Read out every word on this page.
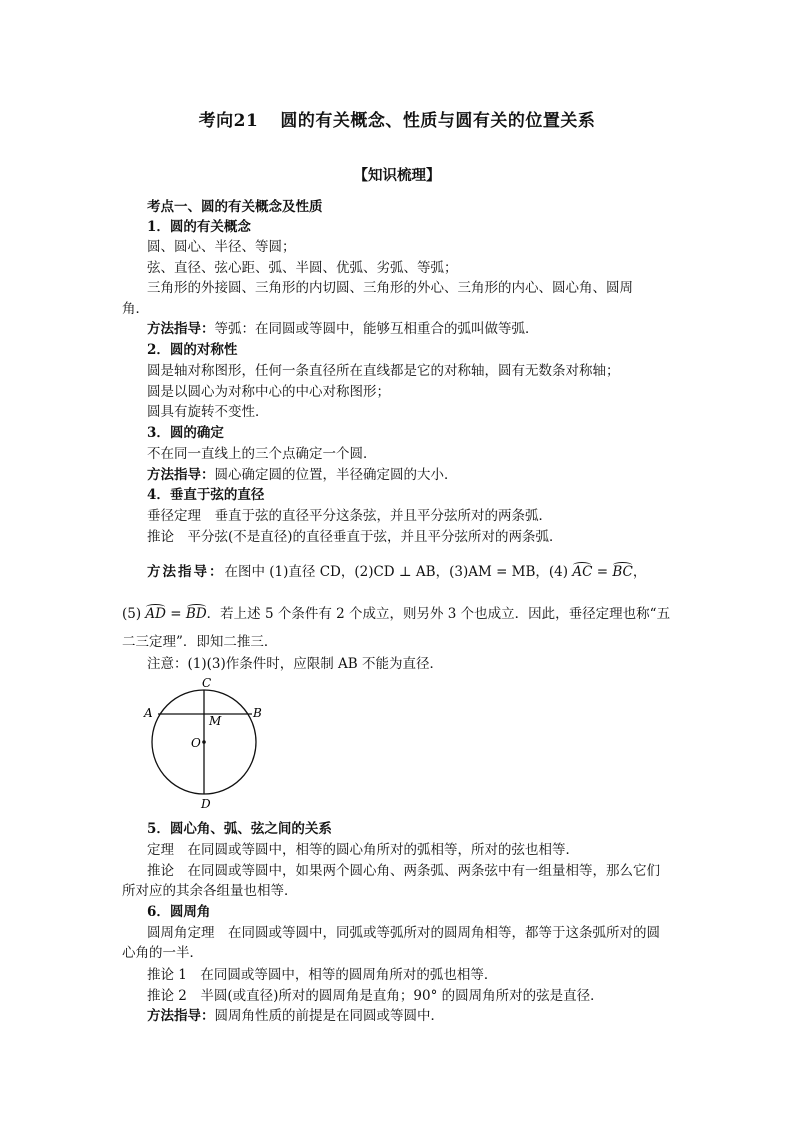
考向21 圆的有关概念、性质与圆有关的位置关系
【知识梳理】
考点一、圆的有关概念及性质
1．圆的有关概念
圆、圆心、半径、等圆；
弦、直径、弦心距、弧、半圆、优弧、劣弧、等弧；
三角形的外接圆、三角形的内切圆、三角形的外心、三角形的内心、圆心角、圆周
角．
方法指导：等弧：在同圆或等圆中，能够互相重合的弧叫做等弧．
2．圆的对称性
圆是轴对称图形，任何一条直径所在直线都是它的对称轴，圆有无数条对称轴；
圆是以圆心为对称中心的中心对称图形；
圆具有旋转不变性．
3．圆的确定
不在同一直线上的三个点确定一个圆．
方法指导：圆心确定圆的位置，半径确定圆的大小．
4．垂直于弦的直径
垂径定理　垂直于弦的直径平分这条弦，并且平分弦所对的两条弧．
推论　平分弦(不是直径)的直径垂直于弦，并且平分弦所对的两条弧．
方法指导：在图中 (1)直径 CD，(2)CD ⊥ AB，(3)AM = MB，(4) AC = BC，
(5) AD = BD．若上述 5 个条件有 2 个成立，则另外 3 个也成立．因此，垂径定理也称“五
二三定理”．即知二推三．
注意：(1)(3)作条件时，应限制 AB 不能为直径．
C
A	B
M
O
D
5．圆心角、弧、弦之间的关系
定理　在同圆或等圆中，相等的圆心角所对的弧相等，所对的弦也相等．
推论　在同圆或等圆中，如果两个圆心角、两条弧、两条弦中有一组量相等，那么它们
所对应的其余各组量也相等．
6．圆周角
圆周角定理　在同圆或等圆中，同弧或等弧所对的圆周角相等，都等于这条弧所对的圆
心角的一半．
推论 1　在同圆或等圆中，相等的圆周角所对的弧也相等．
推论 2　半圆(或直径)所对的圆周角是直角；90° 的圆周角所对的弦是直径．
方法指导：圆周角性质的前提是在同圆或等圆中．
